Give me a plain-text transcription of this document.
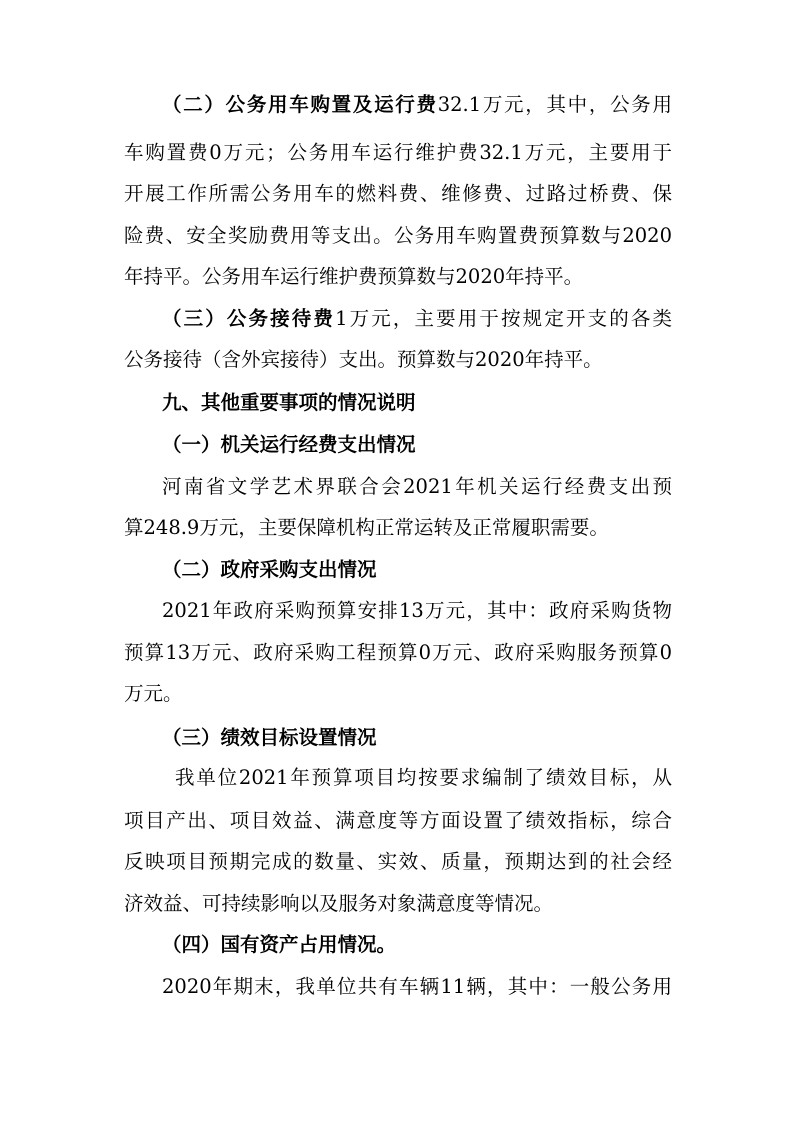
（二）公务用车购置及运行费32.1万元，其中，公务用
车购置费0万元；公务用车运行维护费32.1万元，主要用于
开展工作所需公务用车的燃料费、维修费、过路过桥费、保
险费、安全奖励费用等支出。公务用车购置费预算数与2020
年持平。公务用车运行维护费预算数与2020年持平。
（三）公务接待费1万元，主要用于按规定开支的各类
公务接待（含外宾接待）支出。预算数与2020年持平。
九、其他重要事项的情况说明
（一）机关运行经费支出情况
河南省文学艺术界联合会2021年机关运行经费支出预
算248.9万元，主要保障机构正常运转及正常履职需要。
（二）政府采购支出情况
2021年政府采购预算安排13万元，其中：政府采购货物
预算13万元、政府采购工程预算0万元、政府采购服务预算0
万元。
（三）绩效目标设置情况
我单位2021年预算项目均按要求编制了绩效目标，从
项目产出、项目效益、满意度等方面设置了绩效指标，综合
反映项目预期完成的数量、实效、质量，预期达到的社会经
济效益、可持续影响以及服务对象满意度等情况。
（四）国有资产占用情况。
2020年期末，我单位共有车辆11辆，其中：一般公务用
